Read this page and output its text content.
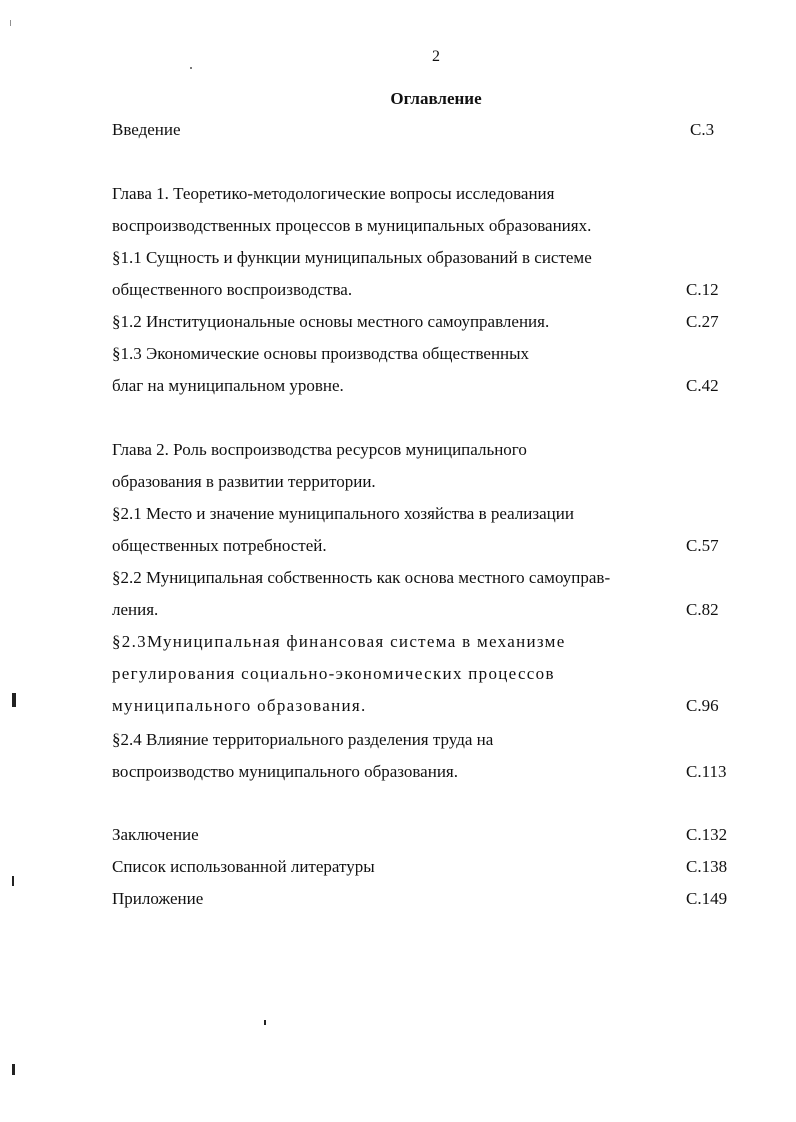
2
Оглавление
Введение	С.3
Глава 1. Теоретико-методологические вопросы исследования
воспроизводственных процессов в муниципальных образованиях.
§1.1 Сущность и функции муниципальных образований в системе
общественного воспроизводства.	С.12
§1.2 Институциональные основы местного самоуправления.	С.27
§1.3 Экономические основы производства общественных
благ на муниципальном уровне.	С.42
Глава 2. Роль воспроизводства ресурсов муниципального
образования в развитии территории.
§2.1 Место и значение муниципального хозяйства в реализации
общественных потребностей.	С.57
§2.2 Муниципальная собственность как основа местного самоуправ-
ления.	С.82
§2.3Муниципальная финансовая система в механизме
регулирования социально-экономических процессов
муниципального образования.	С.96
§2.4 Влияние территориального разделения труда на
воспроизводство муниципального образования.	С.113
Заключение	С.132
Список использованной литературы	С.138
Приложение	С.149
